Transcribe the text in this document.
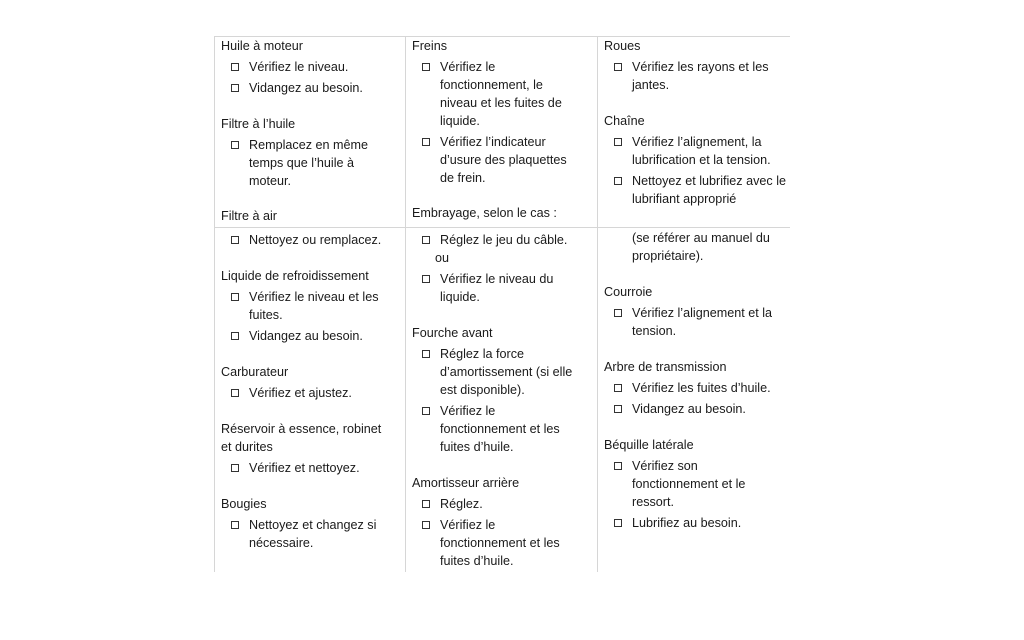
Huile à moteur

Vérifiez le niveau.
Vidangez au besoin.

Filtre à l’huile

Remplacez en même temps que l’huile à moteur.

Filtre à air

Nettoyez ou remplacez.

Liquide de refroidissement

Vérifiez le niveau et les fuites.
Vidangez au besoin.

Carburateur

Vérifiez et ajustez.

Réservoir à essence, robinet et durites

Vérifiez et nettoyez.

Bougies

Nettoyez et changez si nécessaire.

Freins

Vérifiez le fonctionnement, le niveau et les fuites de liquide.
Vérifiez l’indicateur d’usure des plaquettes de frein.

Embrayage, selon le cas :

Réglez le jeu du câble.

ou

Vérifiez le niveau du liquide.

Fourche avant

Réglez la force d’amortissement (si elle est disponible).
Vérifiez le fonctionnement et les fuites d’huile.

Amortisseur arrière

Réglez.
Vérifiez le fonctionnement et les fuites d’huile.

Roues

Vérifiez les rayons et les jantes.

Chaîne

Vérifiez l’alignement, la lubrification et la tension.
Nettoyez et lubrifiez avec le lubrifiant approprié

(se référer au manuel du propriétaire).

Courroie

Vérifiez l’alignement et la tension.

Arbre de transmission

Vérifiez les fuites d’huile.
Vidangez au besoin.

Béquille latérale

Vérifiez son fonctionnement et le ressort.
Lubrifiez au besoin.
